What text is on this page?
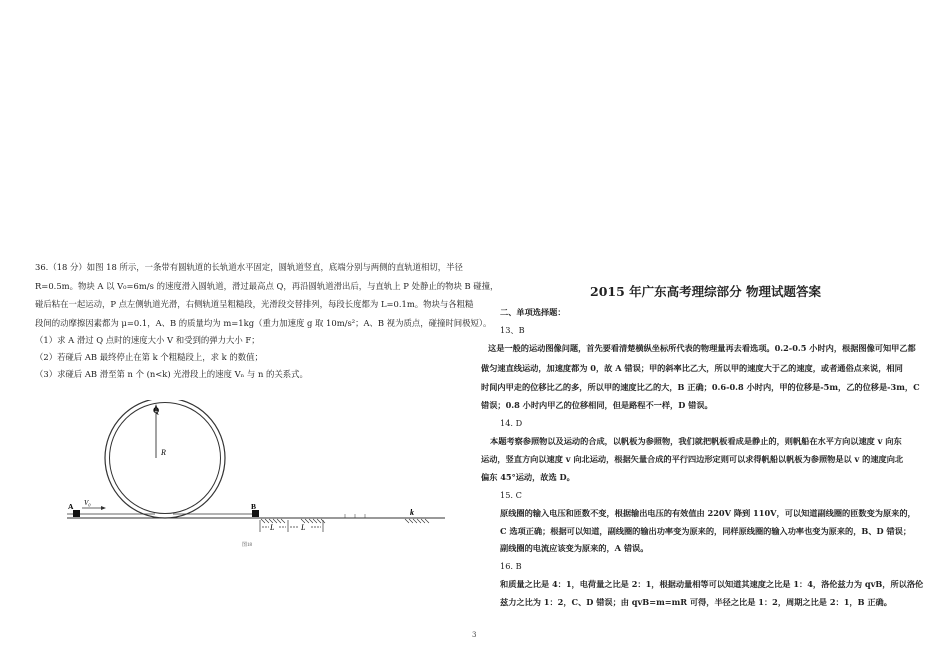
36.（18 分）如图 18 所示，一条带有圆轨道的长轨道水平固定，圆轨道竖直，底端分别与两侧的直轨道相切，半径
R=0.5m。物块 A 以 V₀=6m/s 的速度滑入圆轨道，滑过最高点 Q，再沿圆轨道滑出后，与直轨上 P 处静止的物块 B 碰撞，
碰后粘在一起运动，P 点左侧轨道光滑，右侧轨道呈粗糙段，光滑段交替排列，每段长度都为 L=0.1m。物块与各粗糙
段间的动摩擦因素都为 μ=0.1，A、B 的质量均为 m=1kg（重力加速度 g 取 10m/s²；A、B 视为质点，碰撞时间极短）。
（1）求 A 滑过 Q 点时的速度大小 V 和受到的弹力大小 F；
（2）若碰后 AB 最终停止在第 k 个粗糙段上，求 k 的数值；
（3）求碰后 AB 滑至第 n 个 (n<k) 光滑段上的速度 Vₙ 与 n 的关系式。
Q
R
A V₀	B
L	L
k
图18
2015 年广东高考理综部分 物理试题答案
二、单项选择题：
13、B
这是一般的运动图像问题，首先要看清楚横纵坐标所代表的物理量再去看选项。0.2-0.5 小时内，根据图像可知甲乙都
做匀速直线运动，加速度都为 0，故 A 错误；甲的斜率比乙大，所以甲的速度大于乙的速度，或者通俗点来说，相同
时间内甲走的位移比乙的多，所以甲的速度比乙的大，B 正确；0.6-0.8 小时内，甲的位移是-5m，乙的位移是-3m，C
错误；0.8 小时内甲乙的位移相同，但是路程不一样，D 错误。
14. D
本题考察参照物以及运动的合成，以帆板为参照物，我们就把帆板看成是静止的，则帆船在水平方向以速度 v 向东
运动，竖直方向以速度 v 向北运动，根据矢量合成的平行四边形定则可以求得帆船以帆板为参照物是以 v 的速度向北
偏东 45°运动，故选 D。
15. C
原线圈的输入电压和匝数不变，根据输出电压的有效值由 220V 降到 110V，可以知道副线圈的匝数变为原来的，
C 选项正确；根据可以知道，副线圈的输出功率变为原来的，同样原线圈的输入功率也变为原来的，B、D 错误；
副线圈的电流应该变为原来的，A 错误。
16. B
和质量之比是 4：1，电荷量之比是 2：1，根据动量相等可以知道其速度之比是 1：4，洛伦兹力为 qvB，所以洛伦
兹力之比为 1：2，C、D 错误；由 qvB=m=mR 可得，半径之比是 1：2，周期之比是 2：1，B 正确。
3
